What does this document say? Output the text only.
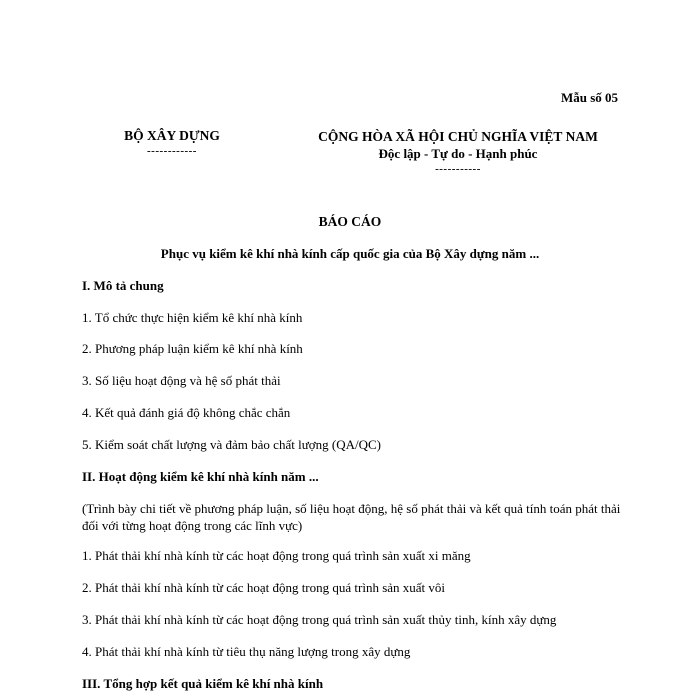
Mẫu số 05
BỘ XÂY DỰNG
------------
CỘNG HÒA XÃ HỘI CHỦ NGHĨA VIỆT NAM
Độc lập - Tự do - Hạnh phúc
-----------
BÁO CÁO
Phục vụ kiểm kê khí nhà kính cấp quốc gia của Bộ Xây dựng năm ...
I. Mô tả chung
1. Tổ chức thực hiện kiểm kê khí nhà kính
2. Phương pháp luận kiểm kê khí nhà kính
3. Số liệu hoạt động và hệ số phát thải
4. Kết quả đánh giá độ không chắc chắn
5. Kiểm soát chất lượng và đảm bảo chất lượng (QA/QC)
II. Hoạt động kiểm kê khí nhà kính năm ...
(Trình bày chi tiết về phương pháp luận, số liệu hoạt động, hệ số phát thải và kết quả tính toán phát thải đối với từng hoạt động trong các lĩnh vực)
1. Phát thải khí nhà kính từ các hoạt động trong quá trình sản xuất xi măng
2. Phát thải khí nhà kính từ các hoạt động trong quá trình sản xuất vôi
3. Phát thải khí nhà kính từ các hoạt động trong quá trình sản xuất thủy tinh, kính xây dựng
4. Phát thải khí nhà kính từ tiêu thụ năng lượng trong xây dựng
III. Tổng hợp kết quả kiểm kê khí nhà kính
